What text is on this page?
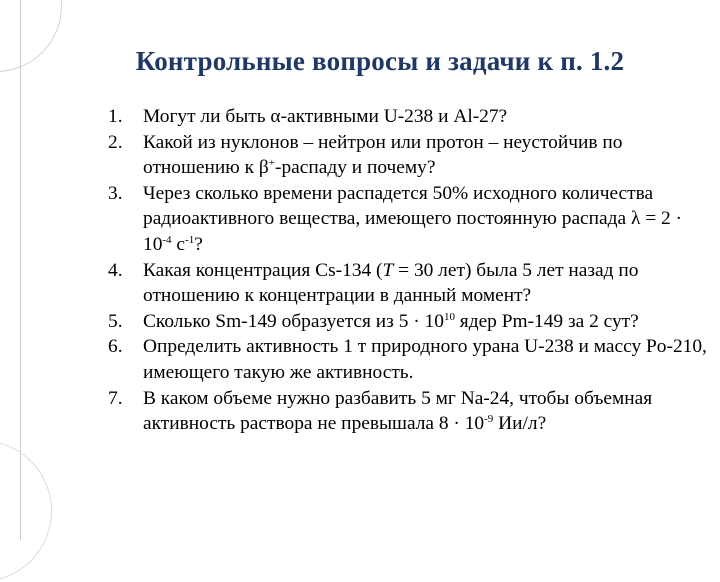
Контрольные вопросы и задачи к п. 1.2
1. Могут ли быть α-активными U-238 и Al-27?
2. Какой из нуклонов – нейтрон или протон – неустойчив по отношению к β+-распаду и почему?
3. Через сколько времени распадется 50% исходного количества радиоактивного вещества, имеющего постоянную распада $\lambda = 2 \cdot 10^{-4}$ $с^{-1}$?
4. Какая концентрация Cs-134 (T = 30 лет) была 5 лет назад по отношению к концентрации в данный момент?
5. Сколько Sm-149 образуется из $5 \cdot 10^{10}$ ядер Pm-149 за 2 сут?
6. Определить активность 1 т природного урана U-238 и массу Po-210, имеющего такую же активность.
7. В каком объеме нужно разбавить 5 мг Na-24, чтобы объемная активность раствора не превышала $8 \cdot 10^{-9}$ Ии/л?
